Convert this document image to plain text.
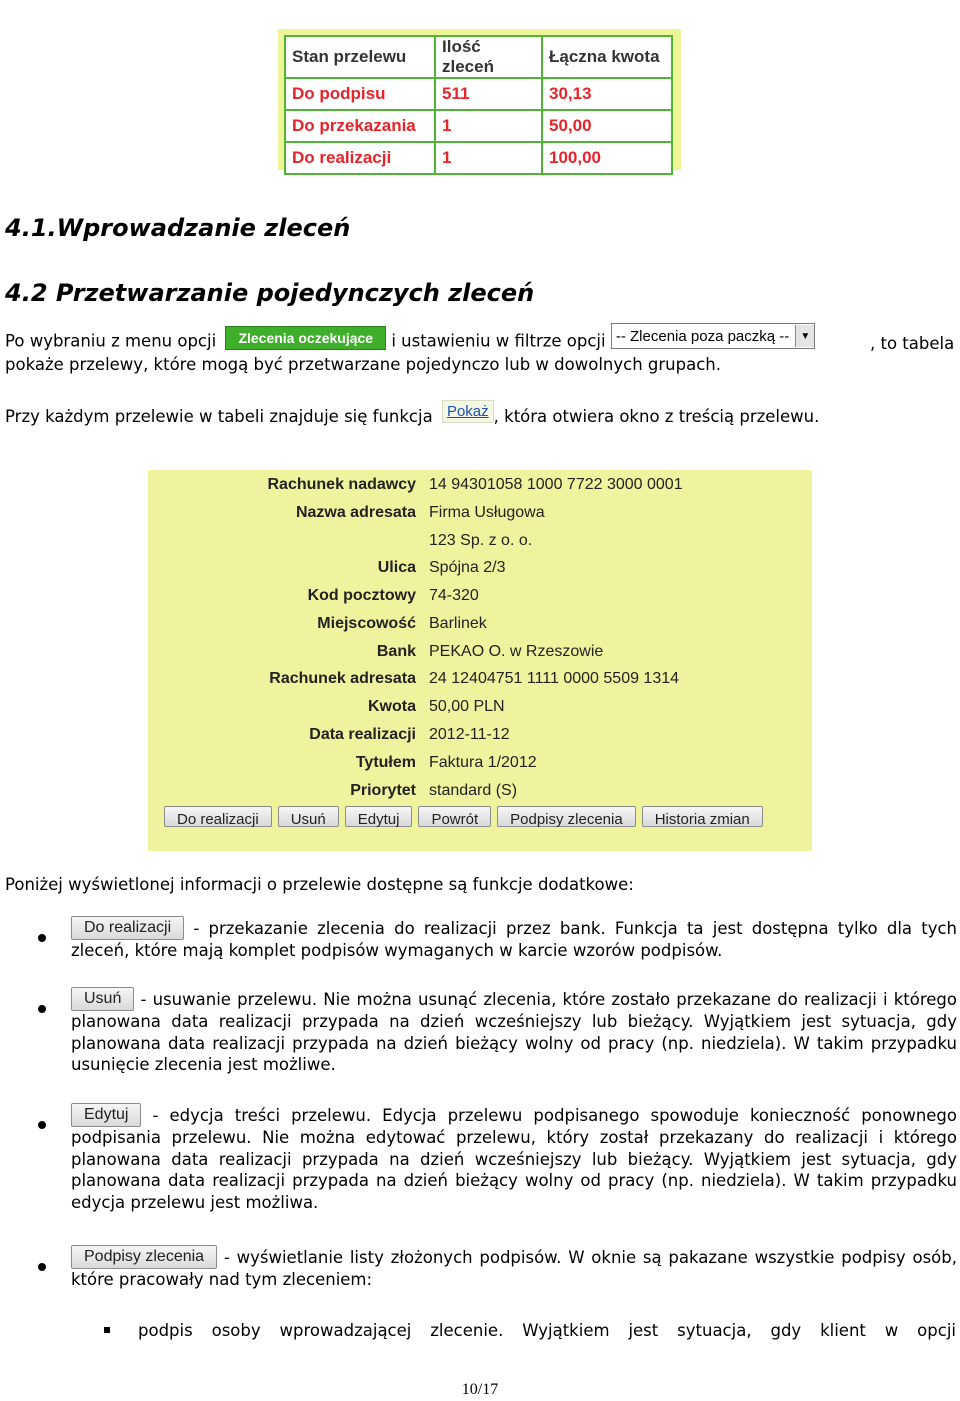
Stan przelewu	Ilość zleceń	Łączna kwota
Do podpisu	511	30,13
Do przekazania	1	50,00
Do realizacji	1	100,00
4.1.Wprowadzanie zleceń
4.2 Przetwarzanie pojedynczych zleceń
Po wybraniu z menu opcji Zlecenia oczekujące i ustawieniu w filtrze opcji -- Zlecenia poza paczką --	▼	, to tabela
pokaże przelewy, które mogą być przetwarzane pojedynczo lub w dowolnych grupach.
Przy każdym przelewie w tabeli znajduje się funkcja Pokaż , która otwiera okno z treścią przelewu.
Rachunek nadawcy 14 94301058 1000 7722 3000 0001
Nazwa adresata Firma Usługowa
123 Sp. z o. o.
Ulica Spójna 2/3
Kod pocztowy 74-320
Miejscowość Barlinek
Bank PEKAO O. w Rzeszowie
Rachunek adresata 24 12404751 1111 0000 5509 1314
Kwota 50,00 PLN
Data realizacji 2012-11-12
Tytułem Faktura 1/2012
Priorytet standard (S)
Do realizacji	Usuń	Edytuj	Powrót	Podpisy zlecenia	Historia zmian
Poniżej wyświetlonej informacji o przelewie dostępne są funkcje dodatkowe:
Do realizacji - przekazanie zlecenia do realizacji przez bank. Funkcja ta jest dostępna tylko dla tych zleceń, które mają komplet podpisów wymaganych w karcie wzorów podpisów.
Usuń - usuwanie przelewu. Nie można usunąć zlecenia, które zostało przekazane do realizacji i którego planowana data realizacji przypada na dzień wcześniejszy lub bieżący. Wyjątkiem jest sytuacja, gdy planowana data realizacji przypada na dzień bieżący wolny od pracy (np. niedziela). W takim przypadku usunięcie zlecenia jest możliwe.
Edytuj - edycja treści przelewu. Edycja przelewu podpisanego spowoduje konieczność ponownego podpisania przelewu. Nie można edytować przelewu, który został przekazany do realizacji i którego planowana data realizacji przypada na dzień wcześniejszy lub bieżący. Wyjątkiem jest sytuacja, gdy planowana data realizacji przypada na dzień bieżący wolny od pracy (np. niedziela). W takim przypadku edycja przelewu jest możliwa.
Podpisy zlecenia - wyświetlanie listy złożonych podpisów. W oknie są pakazane wszystkie podpisy osób, które pracowały nad tym zleceniem:
podpis osoby wprowadzającej zlecenie. Wyjątkiem jest sytuacja, gdy klient w opcji
10/17
